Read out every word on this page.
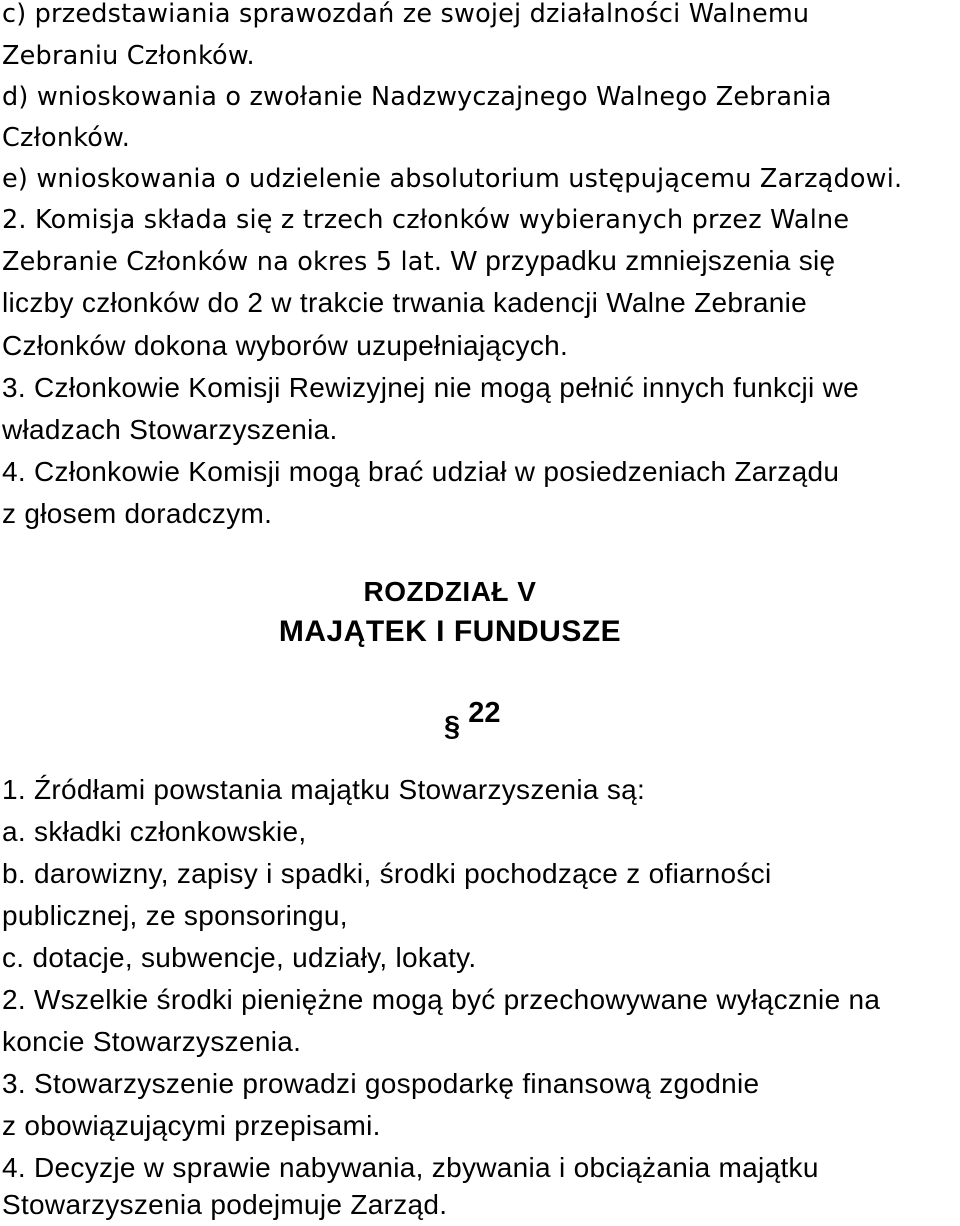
c) przedstawiania sprawozdań ze swojej działalności Walnemu
Zebraniu Członków.
d) wnioskowania o zwołanie Nadzwyczajnego Walnego Zebrania
Członków.
e) wnioskowania o udzielenie absolutorium ustępującemu Zarządowi.
2. Komisja składa się z trzech członków wybieranych przez Walne
Zebranie Członków na okres 5 lat. W przypadku zmniejszenia się
liczby członków do 2 w trakcie trwania kadencji Walne Zebranie
Członków dokona wyborów uzupełniających.
3. Członkowie Komisji Rewizyjnej nie mogą pełnić innych funkcji we
władzach Stowarzyszenia.
4. Członkowie Komisji mogą brać udział w posiedzeniach Zarządu
z głosem doradczym.
ROZDZIAŁ V
MAJĄTEK I FUNDUSZE
§ 22
1. Źródłami powstania majątku Stowarzyszenia są:
a. składki członkowskie,
b. darowizny, zapisy i spadki, środki pochodzące z ofiarności
publicznej, ze sponsoringu,
c. dotacje, subwencje, udziały, lokaty.
2. Wszelkie środki pieniężne mogą być przechowywane wyłącznie na
koncie Stowarzyszenia.
3. Stowarzyszenie prowadzi gospodarkę finansową zgodnie
z obowiązującymi przepisami.
4. Decyzje w sprawie nabywania, zbywania i obciążania majątku
Stowarzyszenia podejmuje Zarząd.
